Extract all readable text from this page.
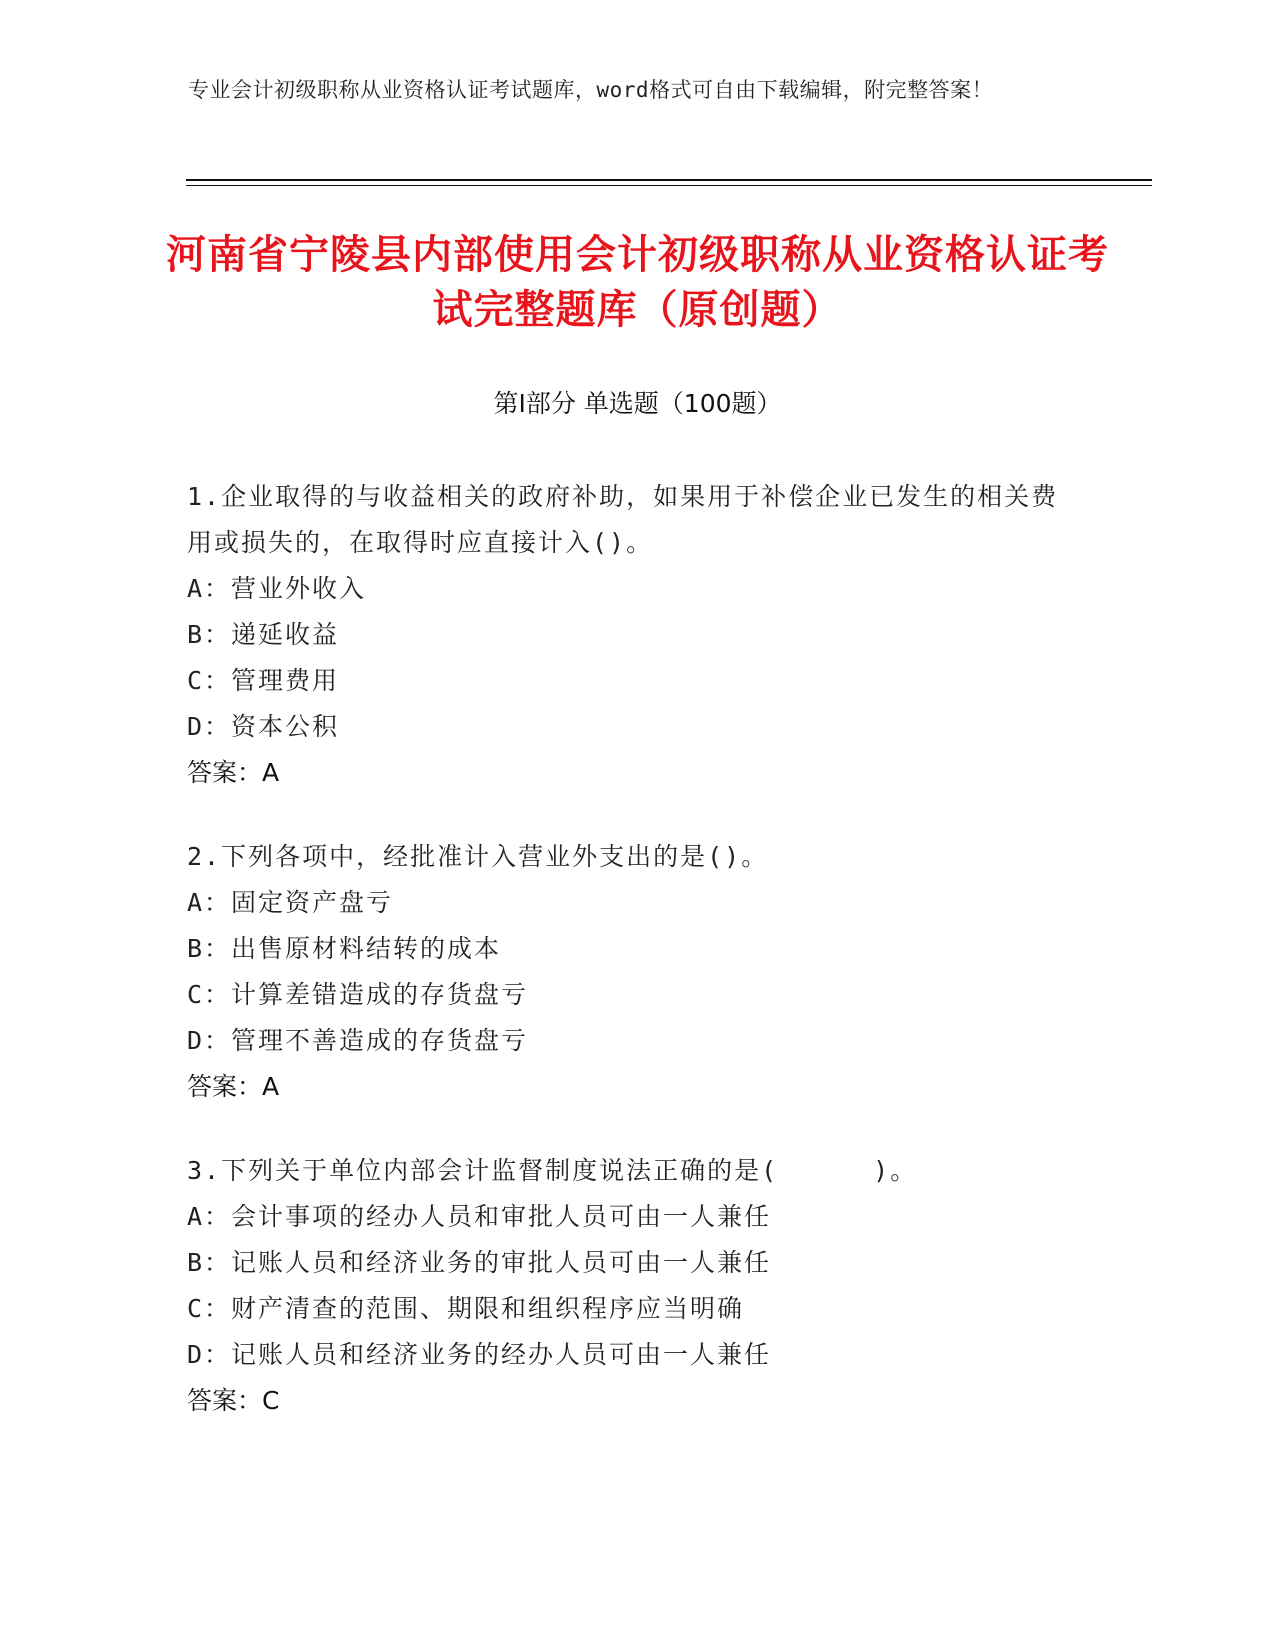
专业会计初级职称从业资格认证考试题库，word格式可自由下载编辑，附完整答案！
河南省宁陵县内部使用会计初级职称从业资格认证考试完整题库（原创题）
第I部分 单选题（100题）
1.企业取得的与收益相关的政府补助，如果用于补偿企业已发生的相关费用或损失的，在取得时应直接计入()。
A：营业外收入
B：递延收益
C：管理费用
D：资本公积
答案：A
2.下列各项中，经批准计入营业外支出的是()。
A：固定资产盘亏
B：出售原材料结转的成本
C：计算差错造成的存货盘亏
D：管理不善造成的存货盘亏
答案：A
3.下列关于单位内部会计监督制度说法正确的是(	)。
A：会计事项的经办人员和审批人员可由一人兼任
B：记账人员和经济业务的审批人员可由一人兼任
C：财产清查的范围、期限和组织程序应当明确
D：记账人员和经济业务的经办人员可由一人兼任
答案：C
